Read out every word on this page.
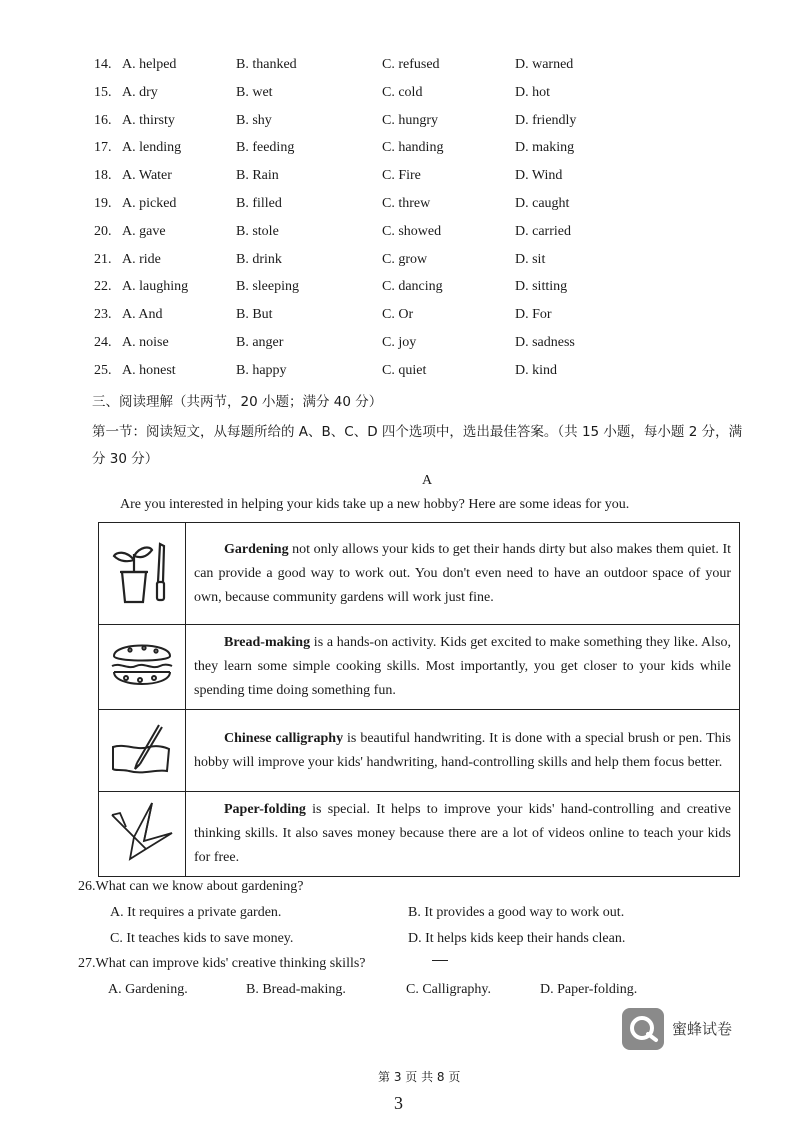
14. A. helped	B. thanked	C. refused	D. warned
15. A. dry	B. wet	C. cold	D. hot
16. A. thirsty	B. shy	C. hungry	D. friendly
17. A. lending	B. feeding	C. handing	D. making
18. A. Water	B. Rain	C. Fire	D. Wind
19. A. picked	B. filled	C. threw	D. caught
20. A. gave	B. stole	C. showed	D. carried
21. A. ride	B. drink	C. grow	D. sit
22. A. laughing	B. sleeping	C. dancing	D. sitting
23. A. And	B. But	C. Or	D. For
24. A. noise	B. anger	C. joy	D. sadness
25. A. honest	B. happy	C. quiet	D. kind
三、阅读理解（共两节，20 小题；满分 40 分）
第一节：阅读短文，从每题所给的 A、B、C、D 四个选项中，选出最佳答案。（共 15 小题，每小题 2 分，满
分 30 分）
A
Are you interested in helping your kids take up a new hobby? Here are some ideas for you.
	Gardening not only allows your kids to get their hands dirty but also makes them quiet. It can provide a good way to work out. You don't even need to have an outdoor space of your own, because community gardens will work just fine.
	Bread-making is a hands-on activity. Kids get excited to make something they like. Also, they learn some simple cooking skills. Most importantly, you get closer to your kids while spending time doing something fun.
	Chinese calligraphy is beautiful handwriting. It is done with a special brush or pen. This hobby will improve your kids' handwriting, hand-controlling skills and help them focus better.
	Paper-folding is special. It helps to improve your kids' hand-controlling and creative thinking skills. It also saves money because there are a lot of videos online to teach your kids for free.
26.What can we know about gardening?
A. It requires a private garden.	B. It provides a good way to work out.
C. It teaches kids to save money.	D. It helps kids keep their hands clean.
27.What can improve kids' creative thinking skills?
A. Gardening.	B. Bread-making.	C. Calligraphy.	D. Paper-folding.
蜜蜂试卷
第 3 页 共 8 页
3
